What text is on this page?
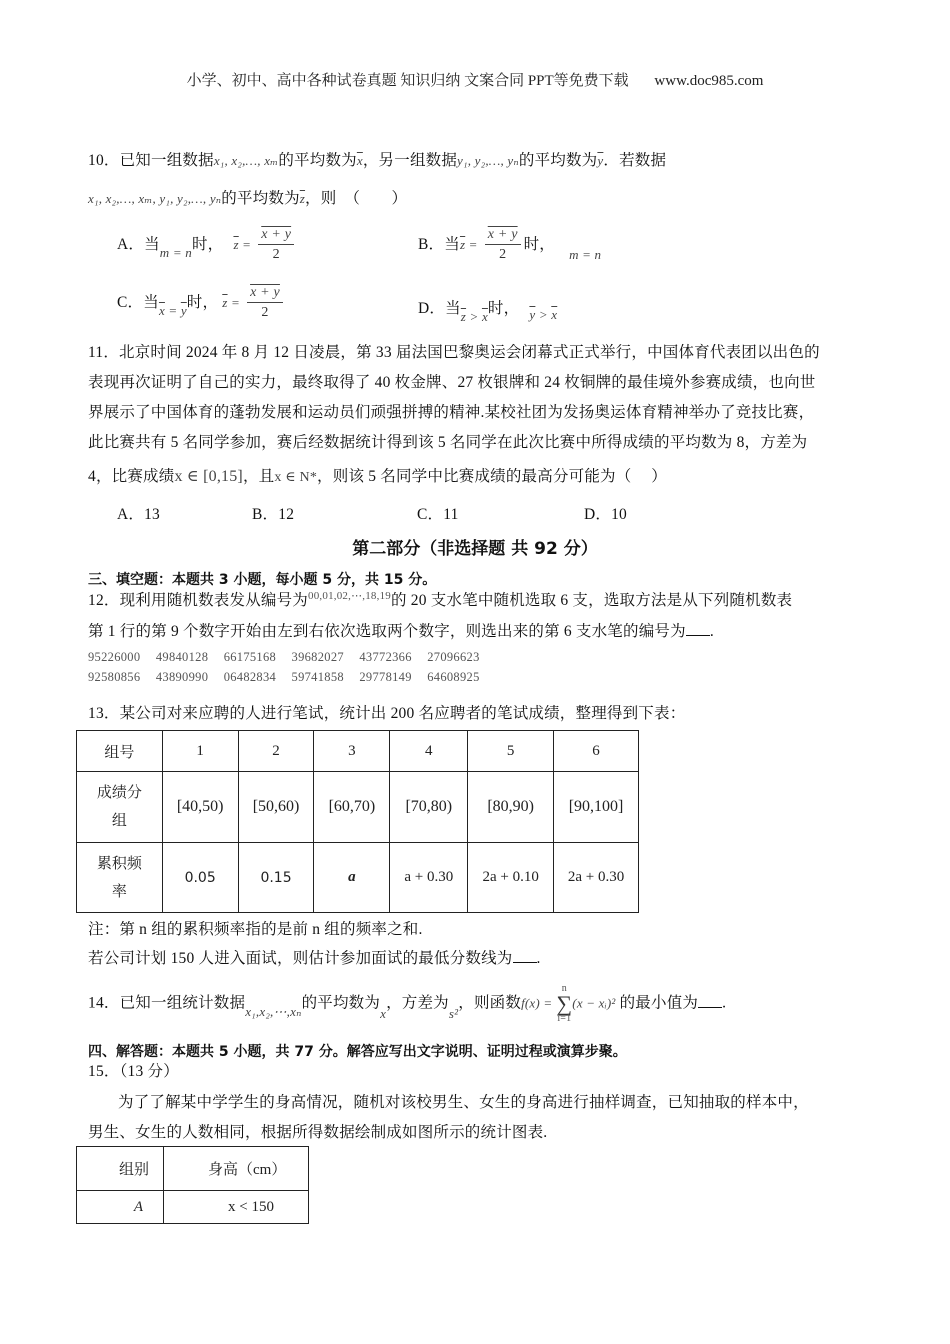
小学、初中、高中各种试卷真题 知识归纳 文案合同 PPT等免费下载 www.doc985.com
10．已知一组数据x₁, x₂,…, xₘ的平均数为$\overline{x}$，另一组数据y₁, y₂,…, yₙ的平均数为$\overline{y}$．若数据
x₁, x₂,…, xₘ, y₁, y₂,…, yₙ的平均数为$\overline{z}$，则　（　　）
A．当$_{m = n}$时， $\overline{z} = \frac{x + y}{2}$	B．当$\overline{z} = \frac{x + y}{2}$ 时， $_{m = n}$
C．当$_{\overline{x} = \overline{y}}$时， $\overline{z} = \frac{x + y}{2}$	D．当$_{\overline{z} > \overline{x}}$时， $_{\overline{y} > \overline{x}}$
11．北京时间 2024 年 8 月 12 日凌晨，第 33 届法国巴黎奥运会闭幕式正式举行，中国体育代表团以出色的
表现再次证明了自己的实力，最终取得了 40 枚金牌、27 枚银牌和 24 枚铜牌的最佳境外参赛成绩，也向世
界展示了中国体育的蓬勃发展和运动员们顽强拼搏的精神.某校社团为发扬奥运体育精神举办了竞技比赛，
此比赛共有 5 名同学参加，赛后经数据统计得到该 5 名同学在此次比赛中所得成绩的平均数为 8，方差为
4，比赛成绩x ∈ [0,15]，且x ∈ N*，则该 5 名同学中比赛成绩的最高分可能为（　 ）
A．13	B．12	C．11	D．10
第二部分（非选择题 共 92 分）
三、填空题：本题共 3 小题，每小题 5 分，共 15 分。
12．现利用随机数表发从编号为$^{00,01,02,\cdots,18,19}$的 20 支水笔中随机选取 6 支，选取方法是从下列随机数表
第 1 行的第 9 个数字开始由左到右依次选取两个数字，则选出来的第 6 支水笔的编号为 .
95226000 49840128 66175168 39682027 43772366 27096623
92580856 43890990 06482834 59741858 29778149 64608925
13．某公司对来应聘的人进行笔试，统计出 200 名应聘者的笔试成绩，整理得到下表：
组号	1	2	3	4	5	6
成绩分
组	[40,50)	[50,60)	[60,70)	[70,80)	[80,90)	[90,100]
累积频
率	0.05	0.15	a	a + 0.30	2a + 0.10	2a + 0.30
注：第 n 组的累积频率指的是前 n 组的频率之和.
若公司计划 150 人进入面试，则估计参加面试的最低分数线为 .
14．已知一组统计数据$_{x_1,x_2,\cdots,x_n}$的平均数为$_x$，方差为$_{s^2}$，则函数f(x) =
n
∑
i=1
(x − xᵢ)² 的最小值为 .
四、解答题：本题共 5 小题，共 77 分。解答应写出文字说明、证明过程或演算步聚。
15．（13 分）
为了了解某中学学生的身高情况，随机对该校男生、女生的身高进行抽样调查，已知抽取的样本中，
男生、女生的人数相同，根据所得数据绘制成如图所示的统计图表.
组别	身高（cm）
A	x < 150
